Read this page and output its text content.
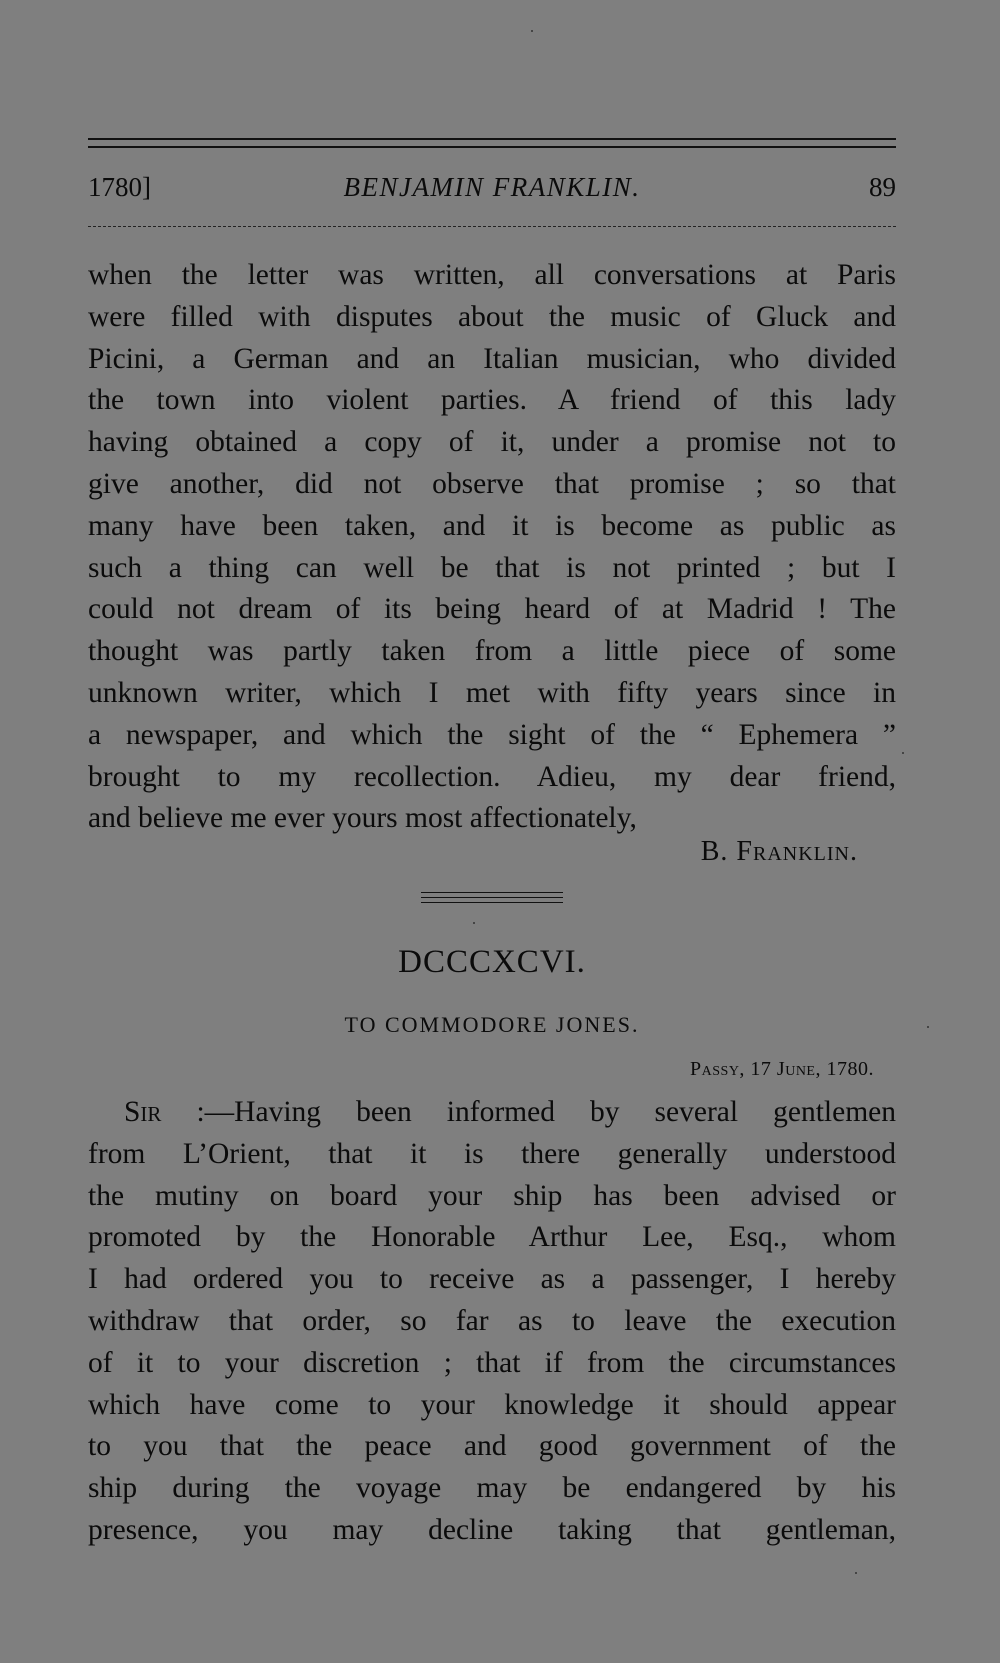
1780]	BENJAMIN FRANKLIN.	89
when the letter was written, all conversations at Paris
were filled with disputes about the music of Gluck and
Picini, a German and an Italian musician, who divided
the town into violent parties. A friend of this lady
having obtained a copy of it, under a promise not to
give another, did not observe that promise ; so that
many have been taken, and it is become as public as
such a thing can well be that is not printed ; but I
could not dream of its being heard of at Madrid ! The
thought was partly taken from a little piece of some
unknown writer, which I met with fifty years since in
a newspaper, and which the sight of the “ Ephemera ”
brought to my recollection. Adieu, my dear friend,
and believe me ever yours most affectionately,
B. Franklin.
DCCCXCVI.
TO COMMODORE JONES.
Passy, 17 June, 1780.
Sir :—Having been informed by several gentlemen
from L’Orient, that it is there generally understood
the mutiny on board your ship has been advised or
promoted by the Honorable Arthur Lee, Esq., whom
I had ordered you to receive as a passenger, I hereby
withdraw that order, so far as to leave the execution
of it to your discretion ; that if from the circumstances
which have come to your knowledge it should appear
to you that the peace and good government of the
ship during the voyage may be endangered by his
presence, you may decline taking that gentleman,
